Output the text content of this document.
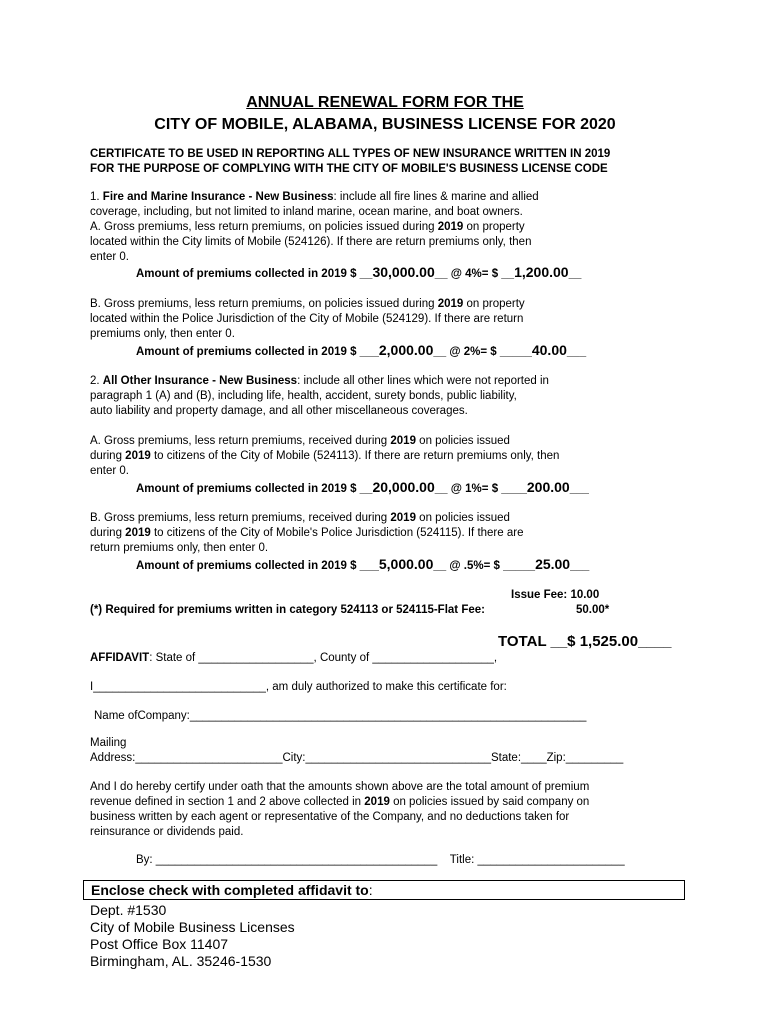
ANNUAL RENEWAL FORM FOR THE
CITY OF MOBILE, ALABAMA, BUSINESS LICENSE FOR 2020
CERTIFICATE TO BE USED IN REPORTING ALL TYPES OF NEW INSURANCE WRITTEN IN 2019
FOR THE PURPOSE OF COMPLYING WITH THE CITY OF MOBILE'S BUSINESS LICENSE CODE
1. Fire and Marine Insurance - New Business: include all fire lines & marine and allied
coverage, including, but not limited to inland marine, ocean marine, and boat owners.
A. Gross premiums, less return premiums, on policies issued during 2019 on property
located within the City limits of Mobile (524126). If there are return premiums only, then
enter 0.
Amount of premiums collected in 2019 $ __30,000.00__ @ 4%= $ __1,200.00__
B. Gross premiums, less return premiums, on policies issued during 2019 on property
located within the Police Jurisdiction of the City of Mobile (524129). If there are return
premiums only, then enter 0.
Amount of premiums collected in 2019 $ ___2,000.00__ @ 2%= $ _____40.00___
2. All Other Insurance - New Business: include all other lines which were not reported in
paragraph 1 (A) and (B), including life, health, accident, surety bonds, public liability,
auto liability and property damage, and all other miscellaneous coverages.
A. Gross premiums, less return premiums, received during 2019 on policies issued
during 2019 to citizens of the City of Mobile (524113). If there are return premiums only, then
enter 0.
Amount of premiums collected in 2019 $ __20,000.00__ @ 1%= $ ____200.00___
B. Gross premiums, less return premiums, received during 2019 on policies issued
during 2019 to citizens of the City of Mobile's Police Jurisdiction (524115). If there are
return premiums only, then enter 0.
Amount of premiums collected in 2019 $ ___5,000.00__ @ .5%= $ _____25.00___
Issue Fee: 10.00
(*) Required for premiums written in category 524113 or 524115-Flat Fee:	50.00*
TOTAL __$ 1,525.00____
AFFIDAVIT: State of __________________, County of ___________________,
I___________________________, am duly authorized to make this certificate for:
Name ofCompany:______________________________________________________________
Mailing
Address:_______________________City:_____________________________State:____Zip:_________
And I do hereby certify under oath that the amounts shown above are the total amount of premium
revenue defined in section 1 and 2 above collected in 2019 on policies issued by said company on
business written by each agent or representative of the Company, and no deductions taken for
reinsurance or dividends paid.
By: ____________________________________________    Title: _______________________
Enclose check with completed affidavit to:
Dept. #1530
City of Mobile Business Licenses
Post Office Box 11407
Birmingham, AL. 35246-1530
